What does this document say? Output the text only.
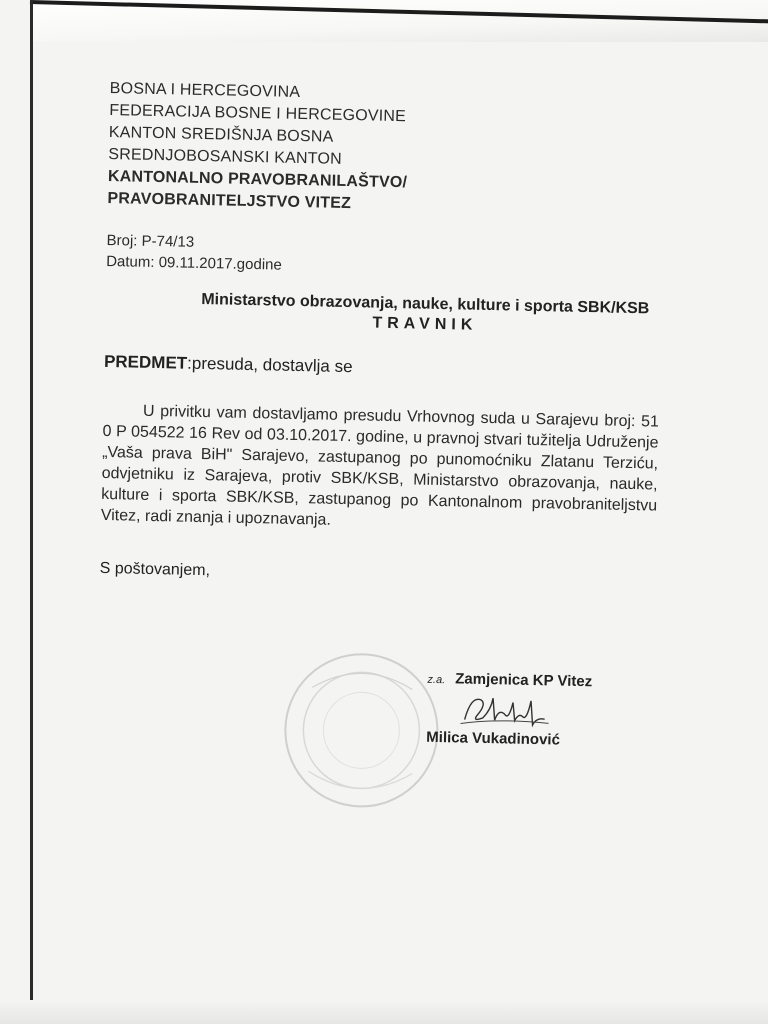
BOSNA I HERCEGOVINA
FEDERACIJA BOSNE I HERCEGOVINE
KANTON SREDIŠNJA BOSNA
SREDNJOBOSANSKI KANTON
KANTONALNO PRAVOBRANILAŠTVO/
PRAVOBRANITELJSTVO VITEZ
Broj: P-74/13
Datum: 09.11.2017.godine
Ministarstvo obrazovanja, nauke, kulture i sporta SBK/KSB
TRAVNIK
PREDMET:presuda, dostavlja se
U privitku vam dostavljamo presudu Vrhovnog suda u Sarajevu broj: 51 0 P 054522 16 Rev od 03.10.2017. godine, u pravnoj stvari tužitelja Udruženje „Vaša prava BiH" Sarajevo, zastupanog po punomoćniku Zlatanu Terziću, odvjetniku iz Sarajeva, protiv SBK/KSB, Ministarstvo obrazovanja, nauke, kulture i sporta SBK/KSB, zastupanog po Kantonalnom pravobraniteljstvu Vitez, radi znanja i upoznavanja.
S poštovanjem,
z.a. Zamjenica KP Vitez
Milica Vukadinović
